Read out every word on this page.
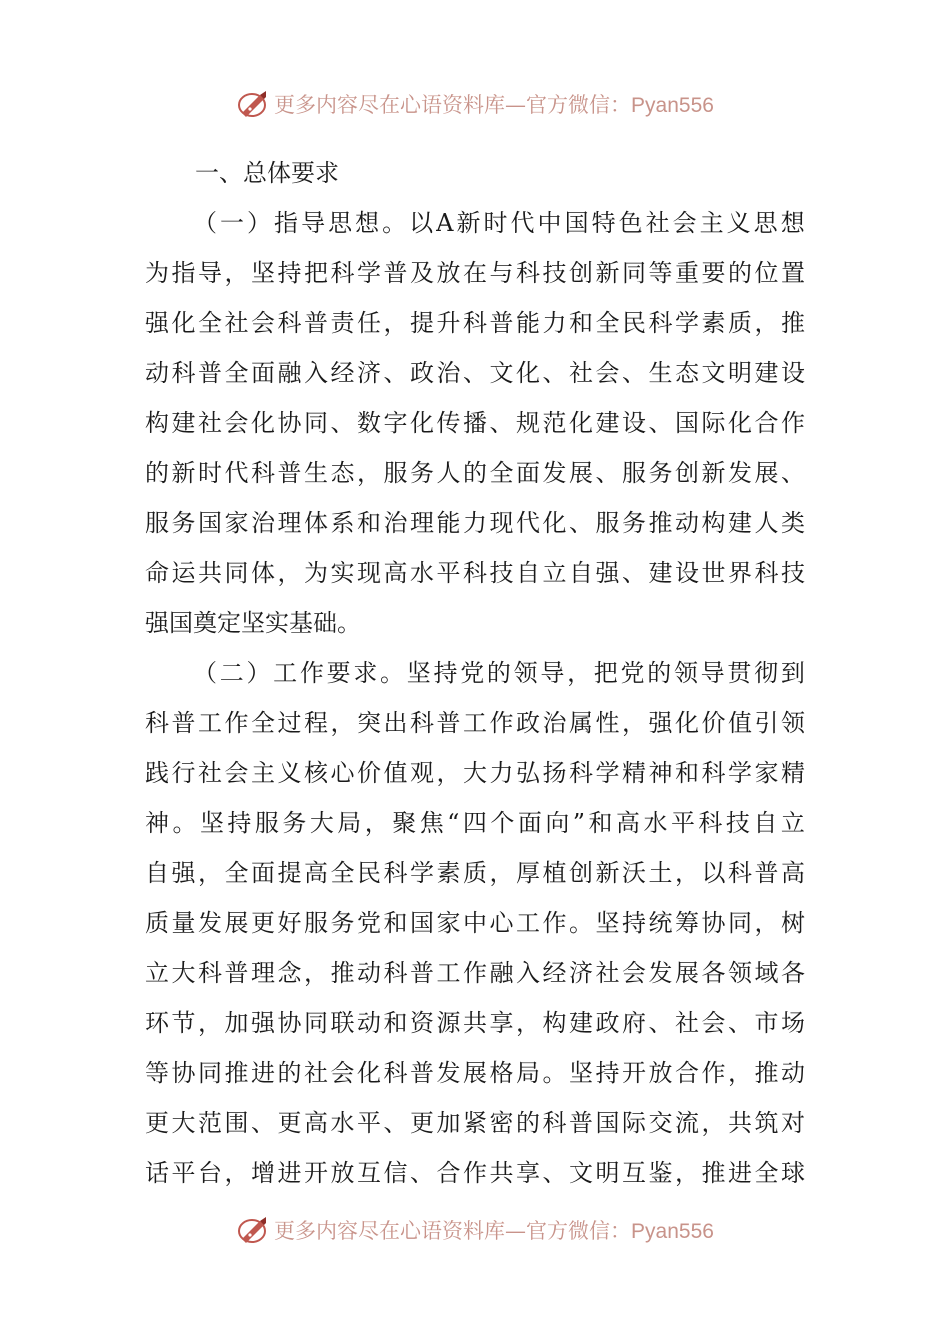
更多内容尽在心语资料库—官方微信：Pyan556
一、总体要求
（ 一 ） 指 导 思 想 。 以 A 新 时 代 中 国 特 色 社 会 主 义 思 想
为 指 导 ， 坚 持 把 科 学 普 及 放 在 与 科 技 创 新 同 等 重 要 的 位 置
强 化 全 社 会 科 普 责 任 ， 提 升 科 普 能 力 和 全 民 科 学 素 质 ， 推
动 科 普 全 面 融 入 经 济 、 政 治 、 文 化 、 社 会 、 生 态 文 明 建 设
构 建 社 会 化 协 同 、 数 字 化 传 播 、 规 范 化 建 设 、 国 际 化 合 作
的 新 时 代 科 普 生 态 ， 服 务 人 的 全 面 发 展 、 服 务 创 新 发 展 、
服 务 国 家 治 理 体 系 和 治 理 能 力 现 代 化 、 服 务 推 动 构 建 人 类
命 运 共 同 体 ， 为 实 现 高 水 平 科 技 自 立 自 强 、 建 设 世 界 科 技
强国奠定坚实基础。
（ 二 ） 工 作 要 求 。 坚 持 党 的 领 导 ， 把 党 的 领 导 贯 彻 到
科 普 工 作 全 过 程 ， 突 出 科 普 工 作 政 治 属 性 ， 强 化 价 值 引 领
践 行 社 会 主 义 核 心 价 值 观 ， 大 力 弘 扬 科 学 精 神 和 科 学 家 精
神 。 坚 持 服 务 大 局 ， 聚 焦 “ 四 个 面 向 ” 和 高 水 平 科 技 自 立
自 强 ， 全 面 提 高 全 民 科 学 素 质 ， 厚 植 创 新 沃 土 ， 以 科 普 高
质 量 发 展 更 好 服 务 党 和 国 家 中 心 工 作 。 坚 持 统 筹 协 同 ， 树
立 大 科 普 理 念 ， 推 动 科 普 工 作 融 入 经 济 社 会 发 展 各 领 域 各
环 节 ， 加 强 协 同 联 动 和 资 源 共 享 ， 构 建 政 府 、 社 会 、 市 场
等 协 同 推 进 的 社 会 化 科 普 发 展 格 局 。 坚 持 开 放 合 作 ， 推 动
更 大 范 围 、 更 高 水 平 、 更 加 紧 密 的 科 普 国 际 交 流 ， 共 筑 对
话 平 台 ， 增 进 开 放 互 信 、 合 作 共 享 、 文 明 互 鉴 ， 推 进 全 球
更多内容尽在心语资料库—官方微信：Pyan556
